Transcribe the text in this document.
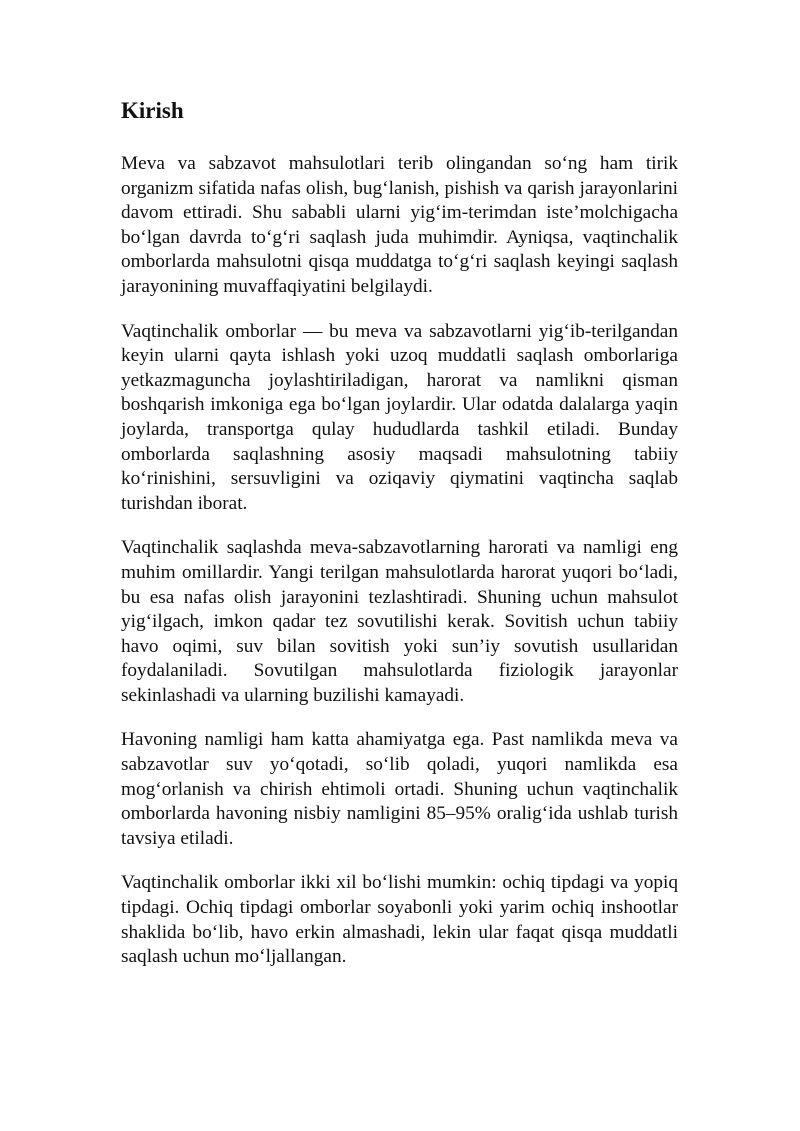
Kirish

Meva va sabzavot mahsulotlari terib olingandan so‘ng ham tirik organizm sifatida nafas olish, bug‘lanish, pishish va qarish jarayonlarini davom ettiradi. Shu sababli ularni yig‘im-terimdan iste’molchigacha bo‘lgan davrda to‘g‘ri saqlash juda muhimdir. Ayniqsa, vaqtinchalik omborlarda mahsulotni qisqa muddatga to‘g‘ri saqlash keyingi saqlash jarayonining muvaffaqiyatini belgilaydi.

Vaqtinchalik omborlar — bu meva va sabzavotlarni yig‘ib-terilgandan keyin ularni qayta ishlash yoki uzoq muddatli saqlash omborlariga yetkazmaguncha joylashtiriladigan, harorat va namlikni qisman boshqarish imkoniga ega bo‘lgan joylardir. Ular odatda dalalarga yaqin joylarda, transportga qulay hududlarda tashkil etiladi. Bunday omborlarda saqlashning asosiy maqsadi mahsulotning tabiiy ko‘rinishini, sersuvligini va oziqaviy qiymatini vaqtincha saqlab turishdan iborat.

Vaqtinchalik saqlashda meva-sabzavotlarning harorati va namligi eng muhim omillardir. Yangi terilgan mahsulotlarda harorat yuqori bo‘ladi, bu esa nafas olish jarayonini tezlashtiradi. Shuning uchun mahsulot yig‘ilgach, imkon qadar tez sovutilishi kerak. Sovitish uchun tabiiy havo oqimi, suv bilan sovitish yoki sun’iy sovutish usullaridan foydalaniladi. Sovutilgan mahsulotlarda fiziologik jarayonlar sekinlashadi va ularning buzilishi kamayadi.

Havoning namligi ham katta ahamiyatga ega. Past namlikda meva va sabzavotlar suv yo‘qotadi, so‘lib qoladi, yuqori namlikda esa mog‘orlanish va chirish ehtimoli ortadi. Shuning uchun vaqtinchalik omborlarda havoning nisbiy namligini 85–95% oralig‘ida ushlab turish tavsiya etiladi.

Vaqtinchalik omborlar ikki xil bo‘lishi mumkin: ochiq tipdagi va yopiq tipdagi. Ochiq tipdagi omborlar soyabonli yoki yarim ochiq inshootlar shaklida bo‘lib, havo erkin almashadi, lekin ular faqat qisqa muddatli saqlash uchun mo‘ljallangan.
